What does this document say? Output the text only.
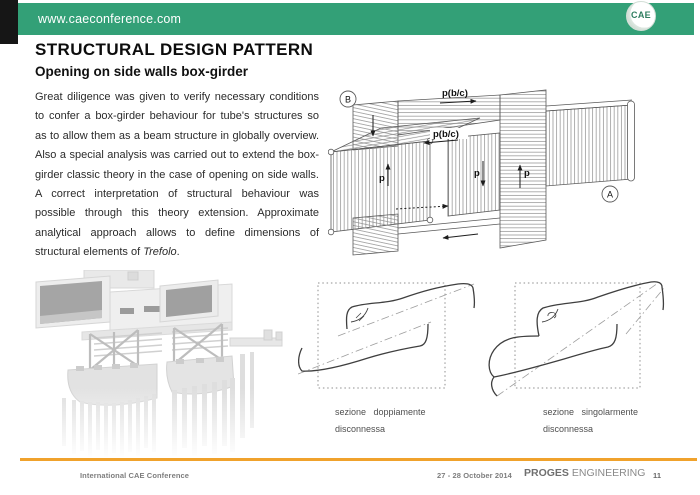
www.caeconference.com	CAE
STRUCTURAL DESIGN PATTERN
Opening on side walls box-girder
Great diligence was given to verify necessary conditions to confer a box-girder behaviour for tube's structures so as to allow them as a beam structure in globally overview. Also a special analysis was carried out to extend the box-girder classic theory in the case of opening on side walls. A correct interpretation of structural behaviour was possible through this theory extension. Approximate analytical approach allows to define dimensions of structural elements of Trefolo.
p(b/c)
p(b/c)
p	p	p
B
A
sezione doppiamente
disconnessa
sezione singolarmente
disconnessa
International CAE Conference	27 - 28 October 2014 PROGES ENGINEERING 11
